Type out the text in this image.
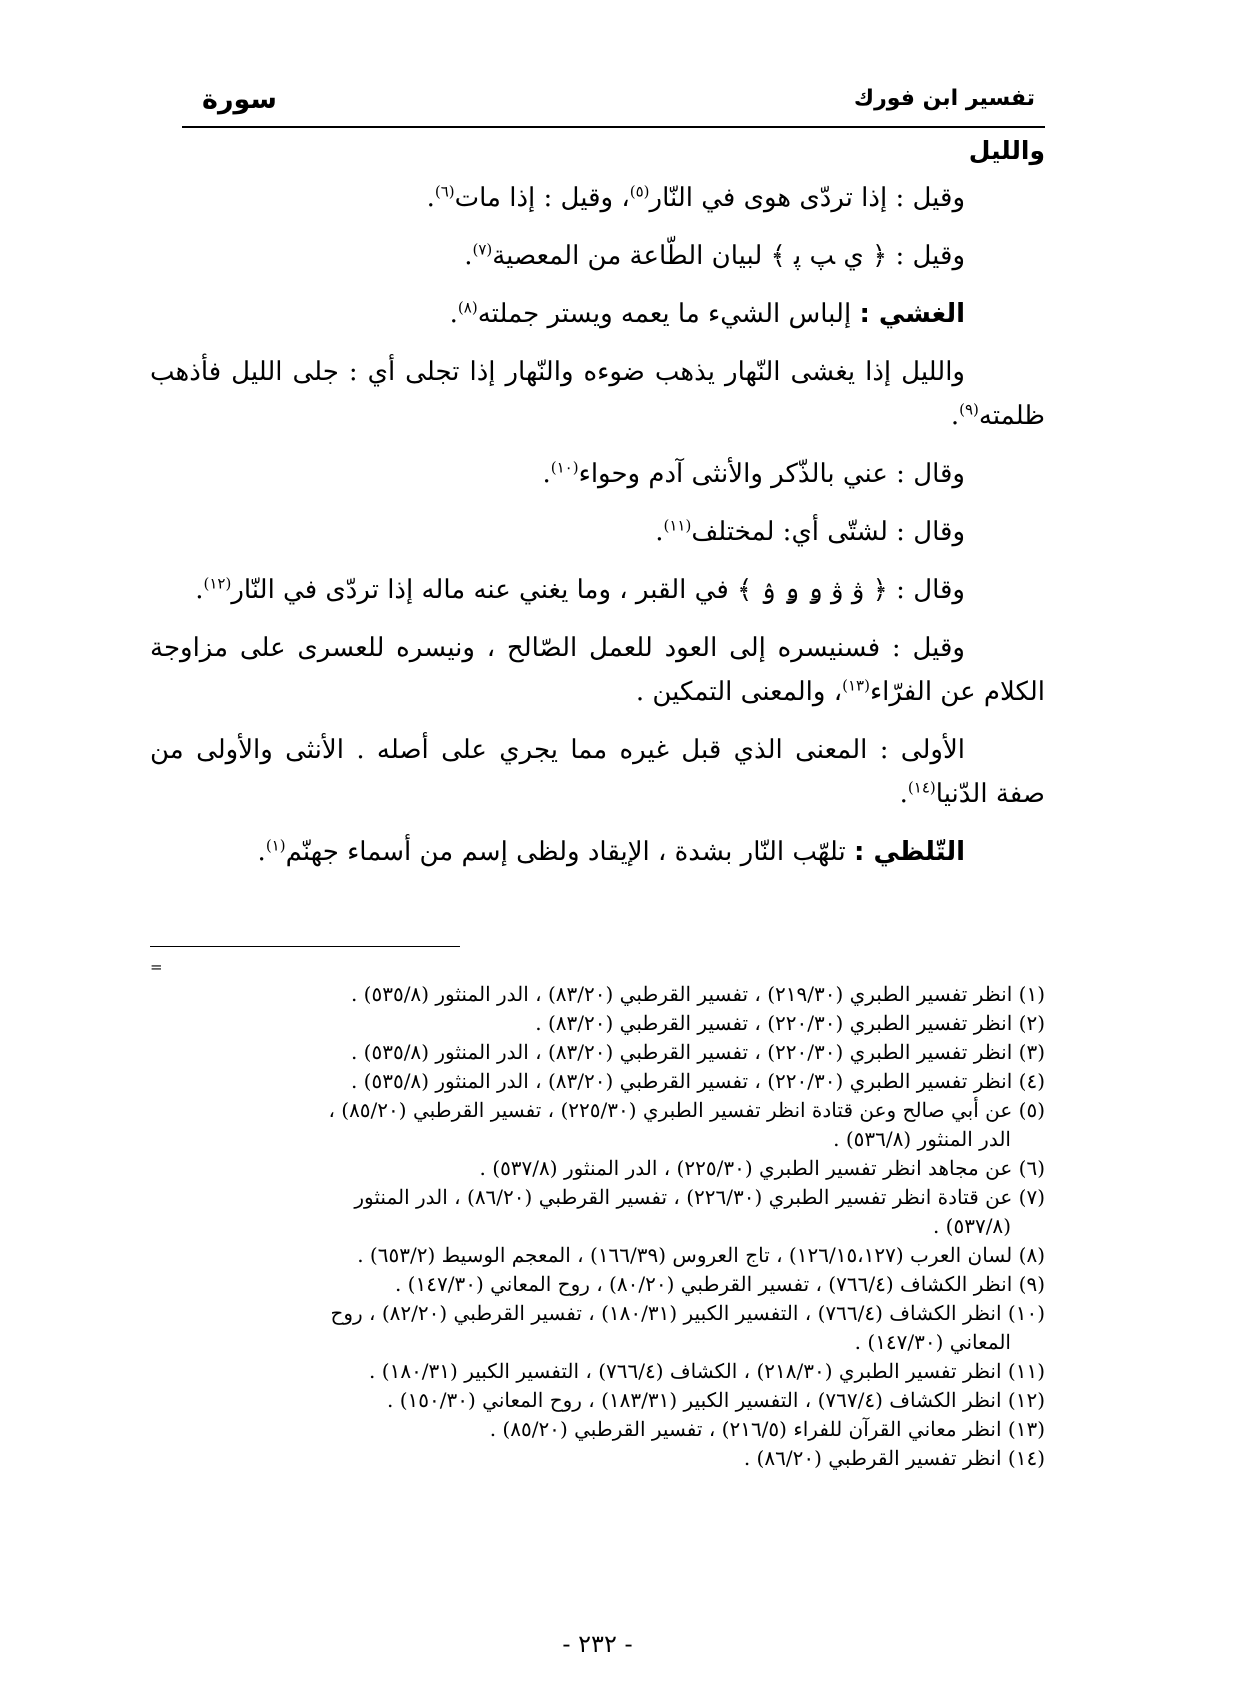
تفسير ابن فورك
سورة
والليل

وقيل : إذا تردّى هوى في النّار$^{(٥)}$، وقيل : إذا مات$^{(٦)}$.

وقيل : ﴿ ي ﭗ ﭘ ﴾ لبيان الطّاعة من المعصية$^{(٧)}$.

الغشي : إلباس الشيء ما يعمه ويستر جملته$^{(٨)}$.

والليل إذا يغشى النّهار يذهب ضوءه والنّهار إذا تجلى أي : جلى الليل فأذهب ظلمته$^{(٩)}$.

وقال : عني بالذّكر والأنثى آدم وحواء$^{(١٠)}$.

وقال : لشتّى أي: لمختلف$^{(١١)}$.

وقال : ﴿ ۋ ۋ ۅ ۅ ۉ ﴾ في القبر ، وما يغني عنه ماله إذا تردّى في النّار$^{(١٢)}$.

وقيل : فسنيسره إلى العود للعمل الصّالح ، ونيسره للعسرى على مزاوجة الكلام عن الفرّاء$^{(١٣)}$، والمعنى التمكين .

الأولى : المعنى الذي قبل غيره مما يجري على أصله . الأنثى والأولى من صفة الدّنيا$^{(١٤)}$.

التّلظي : تلهّب النّار بشدة ، الإيقاد ولظى إسم من أسماء جهنّم$^{(١)}$.

=

(١) انظر تفسير الطبري (٢١٩/٣٠) ، تفسير القرطبي (٨٣/٢٠) ، الدر المنثور (٥٣٥/٨) .

(٢) انظر تفسير الطبري (٢٢٠/٣٠) ، تفسير القرطبي (٨٣/٢٠) .

(٣) انظر تفسير الطبري (٢٢٠/٣٠) ، تفسير القرطبي (٨٣/٢٠) ، الدر المنثور (٥٣٥/٨) .

(٤) انظر تفسير الطبري (٢٢٠/٣٠) ، تفسير القرطبي (٨٣/٢٠) ، الدر المنثور (٥٣٥/٨) .

(٥) عن أبي صالح وعن قتادة انظر تفسير الطبري (٢٢٥/٣٠) ، تفسير القرطبي (٨٥/٢٠) ،
الدر المنثور (٥٣٦/٨) .

(٦) عن مجاهد انظر تفسير الطبري (٢٢٥/٣٠) ، الدر المنثور (٥٣٧/٨) .

(٧) عن قتادة انظر تفسير الطبري (٢٢٦/٣٠) ، تفسير القرطبي (٨٦/٢٠) ، الدر المنثور
(٥٣٧/٨) .

(٨) لسان العرب (١٢٦/١٥،١٢٧) ، تاج العروس (١٦٦/٣٩) ، المعجم الوسيط (٦٥٣/٢) .

(٩) انظر الكشاف (٧٦٦/٤) ، تفسير القرطبي (٨٠/٢٠) ، روح المعاني (١٤٧/٣٠) .

(١٠) انظر الكشاف (٧٦٦/٤) ، التفسير الكبير (١٨٠/٣١) ، تفسير القرطبي (٨٢/٢٠) ، روح
المعاني (١٤٧/٣٠) .

(١١) انظر تفسير الطبري (٢١٨/٣٠) ، الكشاف (٧٦٦/٤) ، التفسير الكبير (١٨٠/٣١) .

(١٢) انظر الكشاف (٧٦٧/٤) ، التفسير الكبير (١٨٣/٣١) ، روح المعاني (١٥٠/٣٠) .

(١٣) انظر معاني القرآن للفراء (٢١٦/٥) ، تفسير القرطبي (٨٥/٢٠) .

(١٤) انظر تفسير القرطبي (٨٦/٢٠) .

- ٢٣٢ -
